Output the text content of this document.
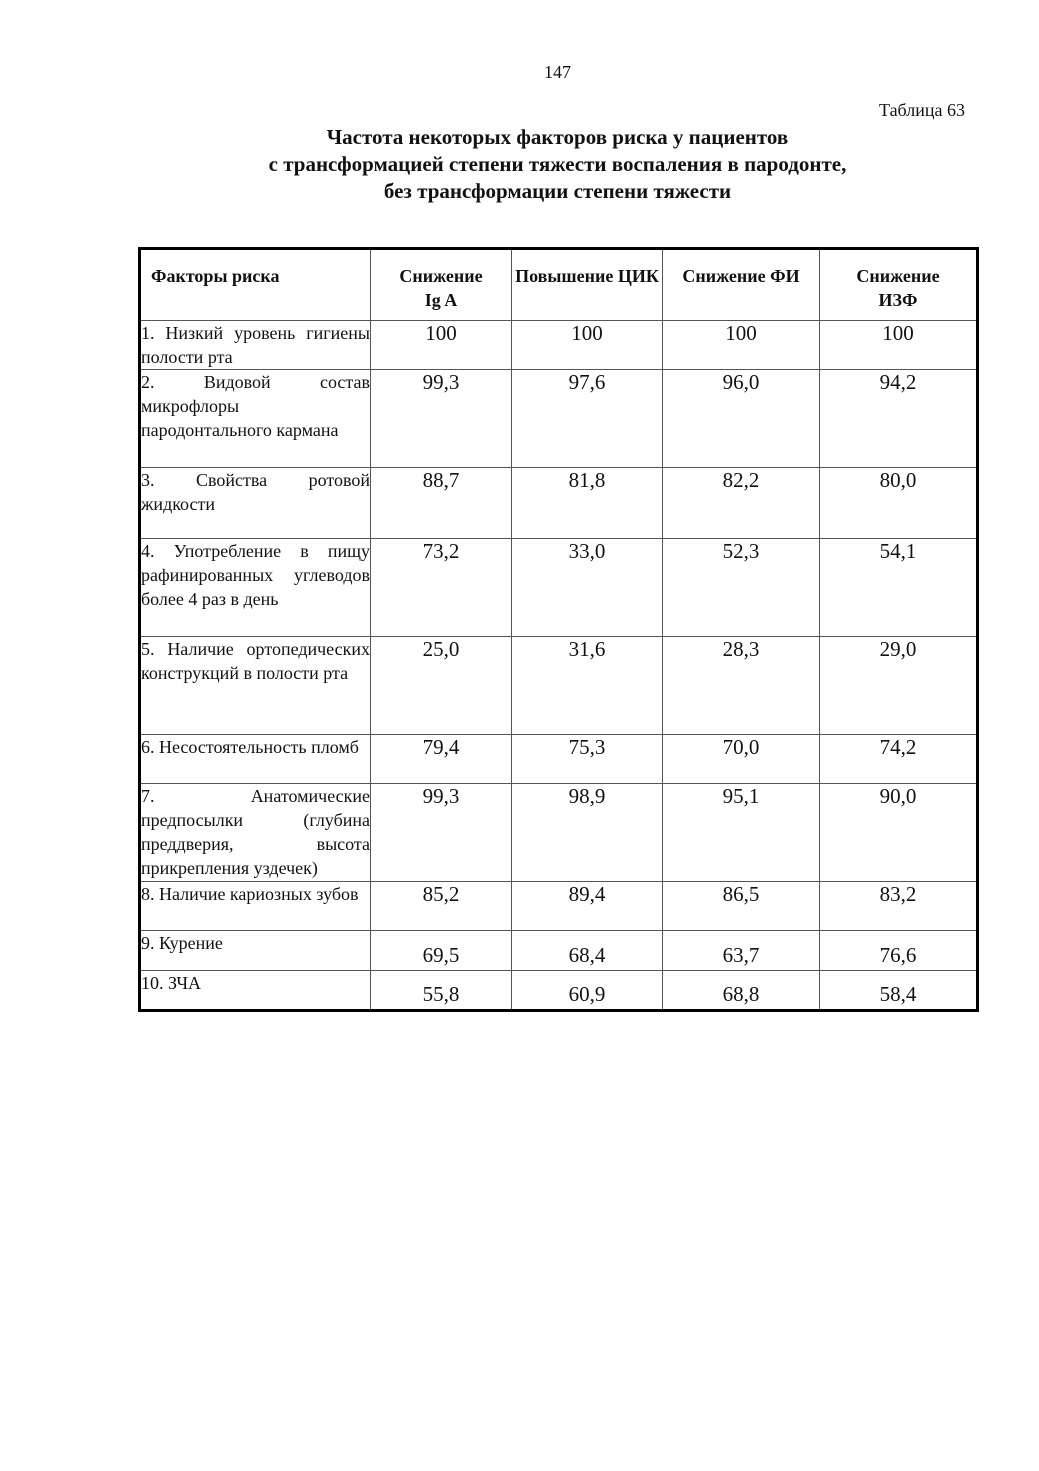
147
Таблица 63
Частота некоторых факторов риска у пациентов
с трансформацией степени тяжести воспаления в пародонте,
без трансформации степени тяжести
Факторы риска	Снижение Ig A	Повышение ЦИК	Снижение ФИ	Снижение ИЗФ
1. Низкий уровень гигиены полости рта	100	100	100	100
2. Видовой состав микрофлоры пародонтального кармана	99,3	97,6	96,0	94,2
3. Свойства ротовой жидкости	88,7	81,8	82,2	80,0
4. Употребление в пищу рафинированных углеводов более 4 раз в день	73,2	33,0	52,3	54,1
5. Наличие ортопедических конструкций в полости рта	25,0	31,6	28,3	29,0
6. Несостоятельность пломб	79,4	75,3	70,0	74,2
7. Анатомические предпосылки (глубина преддверия, высота прикрепления уздечек)	99,3	98,9	95,1	90,0
8. Наличие кариозных зубов	85,2	89,4	86,5	83,2
9. Курение	69,5	68,4	63,7	76,6
10. ЗЧА	55,8	60,9	68,8	58,4
